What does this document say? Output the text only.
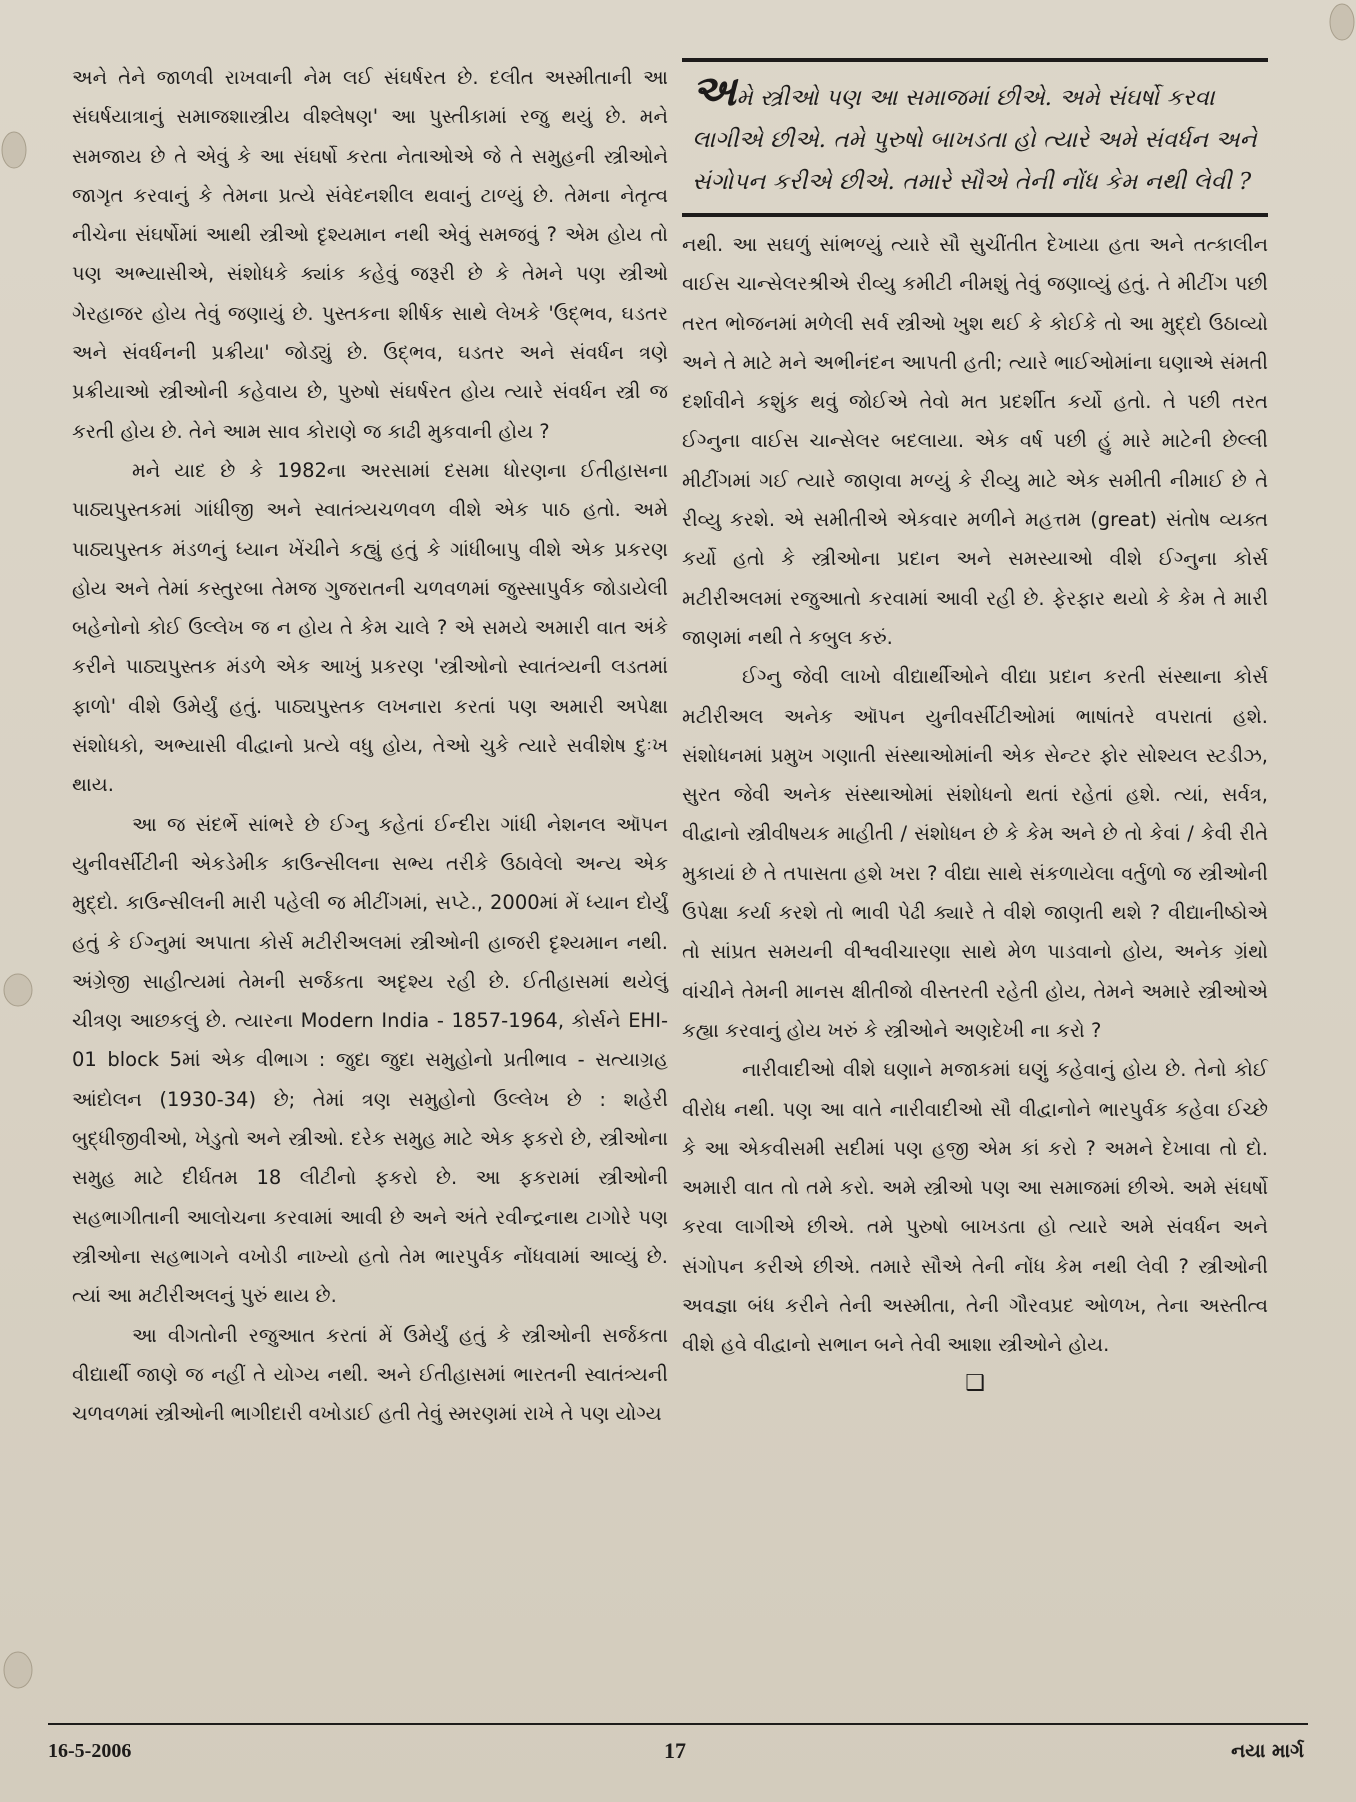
અને તેને જાળવી રાખવાની નેમ લઈ સંઘર્ષરત છે. દલીત અસ્મીતાની આ સંઘર્ષયાત્રાનું સમાજશાસ્ત્રીય વીશ્લેષણ' આ પુસ્તીકામાં રજુ થયું છે. મને સમજાય છે તે એવું કે આ સંઘર્ષો કરતા નેતાઓએ જે તે સમુહની સ્ત્રીઓને જાગૃત કરવાનું કે તેમના પ્રત્યે સંવેદનશીલ થવાનું ટાળ્યું છે. તેમના નેતૃત્વ નીચેના સંઘર્ષોમાં આથી સ્ત્રીઓ દૃશ્યમાન નથી એવું સમજવું ? એમ હોય તો પણ અભ્યાસીએ, સંશોધકે ક્યાંક કહેવું જરૂરી છે કે તેમને પણ સ્ત્રીઓ ગેરહાજર હોય તેવું જણાયું છે. પુસ્તકના શીર્ષક સાથે લેખકે 'ઉદ્ભવ, ઘડતર અને સંવર્ધનની પ્રક્રીયા' જોડ્યું છે. ઉદ્ભવ, ઘડતર અને સંવર્ધન ત્રણે પ્રક્રીયાઓ સ્ત્રીઓની કહેવાય છે, પુરુષો સંઘર્ષરત હોય ત્યારે સંવર્ધન સ્ત્રી જ કરતી હોય છે. તેને આમ સાવ કોરાણે જ કાઢી મુકવાની હોય ?

મને યાદ છે કે 1982ના અરસામાં દસમા ધોરણના ઈતીહાસના પાઠ્યપુસ્તકમાં ગાંધીજી અને સ્વાતંત્ર્યચળવળ વીશે એક પાઠ હતો. અમે પાઠ્યપુસ્તક મંડળનું ધ્યાન ખેંચીને કહ્યું હતું કે ગાંધીબાપુ વીશે એક પ્રકરણ હોય અને તેમાં કસ્તુરબા તેમજ ગુજરાતની ચળવળમાં જુસ્સાપુર્વક જોડાયેલી બહેનોનો કોઈ ઉલ્લેખ જ ન હોય તે કેમ ચાલે ? એ સમયે અમારી વાત અંકે કરીને પાઠ્યપુસ્તક મંડળે એક આખું પ્રકરણ 'સ્ત્રીઓનો સ્વાતંત્ર્યની લડતમાં ફાળો' વીશે ઉમેર્યું હતું. પાઠ્યપુસ્તક લખનારા કરતાં પણ અમારી અપેક્ષા સંશોધકો, અભ્યાસી વીદ્વાનો પ્રત્યે વધુ હોય, તેઓ ચુકે ત્યારે સવીશેષ દુઃખ થાય.

આ જ સંદર્ભે સાંભરે છે ઈગ્નુ કહેતાં ઈન્દીરા ગાંધી નેશનલ ઑપન યુનીવર્સીટીની એકડેમીક કાઉન્સીલના સભ્ય તરીકે ઉઠાવેલો અન્ય એક મુદ્દો. કાઉન્સીલની મારી પહેલી જ મીટીંગમાં, સપ્ટે., 2000માં મેં ધ્યાન દોર્યું હતું કે ઈગ્નુમાં અપાતા કોર્સ મટીરીઅલમાં સ્ત્રીઓની હાજરી દૃશ્યમાન નથી. અંગ્રેજી સાહીત્યમાં તેમની સર્જકતા અદૃશ્ય રહી છે. ઈતીહાસમાં થયેલું ચીત્રણ આછકલું છે. ત્યારના Modern India - 1857-1964, કોર્સને EHI-01 block 5માં એક વીભાગ : જુદા જુદા સમુહોનો પ્રતીભાવ - સત્યાગ્રહ આંદોલન (1930-34) છે; તેમાં ત્રણ સમુહોનો ઉલ્લેખ છે : શહેરી બુદ્ધીજીવીઓ, ખેડુતો અને સ્ત્રીઓ. દરેક સમુહ માટે એક ફકરો છે, સ્ત્રીઓના સમુહ માટે દીર્ઘતમ 18 લીટીનો ફકરો છે. આ ફકરામાં સ્ત્રીઓની સહભાગીતાની આલોચના કરવામાં આવી છે અને અંતે રવીન્દ્રનાથ ટાગોરે પણ સ્ત્રીઓના સહભાગને વખોડી નાખ્યો હતો તેમ ભારપુર્વક નોંધવામાં આવ્યું છે. ત્યાં આ મટીરીઅલનું પુરું થાય છે.

આ વીગતોની રજુઆત કરતાં મેં ઉમેર્યું હતું કે સ્ત્રીઓની સર્જકતા વીદ્યાર્થી જાણે જ નહીં તે યોગ્ય નથી. અને ઈતીહાસમાં ભારતની સ્વાતંત્ર્યની ચળવળમાં સ્ત્રીઓની ભાગીદારી વખોડાઈ હતી તેવું સ્મરણમાં રાખે તે પણ યોગ્ય

અમે સ્ત્રીઓ પણ આ સમાજમાં છીએ. અમે સંઘર્ષો કરવા લાગીએ છીએ. તમે પુરુષો બાખડતા હો ત્યારે અમે સંવર્ધન અને સંગોપન કરીએ છીએ. તમારે સૌએ તેની નોંધ કેમ નથી લેવી ?

નથી. આ સઘળું સાંભળ્યું ત્યારે સૌ સુચીંતીત દેખાયા હતા અને તત્કાલીન વાઈસ ચાન્સેલરશ્રીએ રીવ્યુ કમીટી નીમશું તેવું જણાવ્યું હતું. તે મીટીંગ પછી તરત ભોજનમાં મળેલી સર્વ સ્ત્રીઓ ખુશ થઈ કે કોઈકે તો આ મુદ્દો ઉઠાવ્યો અને તે માટે મને અભીનંદન આપતી હતી; ત્યારે ભાઈઓમાંના ઘણાએ સંમતી દર્શાવીને કશુંક થવું જોઈએ તેવો મત પ્રદર્શીત કર્યો હતો. તે પછી તરત ઈગ્નુના વાઈસ ચાન્સેલર બદલાયા. એક વર્ષ પછી હું મારે માટેની છેલ્લી મીટીંગમાં ગઈ ત્યારે જાણવા મળ્યું કે રીવ્યુ માટે એક સમીતી નીમાઈ છે તે રીવ્યુ કરશે. એ સમીતીએ એકવાર મળીને મહત્તમ (great) સંતોષ વ્યક્ત કર્યો હતો કે સ્ત્રીઓના પ્રદાન અને સમસ્યાઓ વીશે ઈગ્નુના કોર્સ મટીરીઅલમાં રજુઆતો કરવામાં આવી રહી છે. ફેરફાર થયો કે કેમ તે મારી જાણમાં નથી તે કબુલ કરું.

ઈગ્નુ જેવી લાખો વીદ્યાર્થીઓને વીદ્યા પ્રદાન કરતી સંસ્થાના કોર્સ મટીરીઅલ અનેક ઑપન યુનીવર્સીટીઓમાં ભાષાંતરે વપરાતાં હશે. સંશોધનમાં પ્રમુખ ગણાતી સંસ્થાઓમાંની એક સેન્ટર ફોર સોશ્યલ સ્ટડીઝ, સુરત જેવી અનેક સંસ્થાઓમાં સંશોધનો થતાં રહેતાં હશે. ત્યાં, સર્વત્ર, વીદ્વાનો સ્ત્રીવીષયક માહીતી / સંશોધન છે કે કેમ અને છે તો કેવાં / કેવી રીતે મુકાયાં છે તે તપાસતા હશે ખરા ? વીદ્યા સાથે સંકળાયેલા વર્તુળો જ સ્ત્રીઓની ઉપેક્ષા કર્યા કરશે તો ભાવી પેઢી ક્યારે તે વીશે જાણતી થશે ? વીદ્યાનીષ્ઠોએ તો સાંપ્રત સમયની વીશ્વવીચારણા સાથે મેળ પાડવાનો હોય, અનેક ગ્રંથો વાંચીને તેમની માનસ ક્ષીતીજો વીસ્તરતી રહેતી હોય, તેમને અમારે સ્ત્રીઓએ કહ્યા કરવાનું હોય ખરું કે સ્ત્રીઓને અણદેખી ના કરો ?

નારીવાદીઓ વીશે ઘણાને મજાકમાં ઘણું કહેવાનું હોય છે. તેનો કોઈ વીરોધ નથી. પણ આ વાતે નારીવાદીઓ સૌ વીદ્વાનોને ભારપુર્વક કહેવા ઈચ્છે કે આ એકવીસમી સદીમાં પણ હજી એમ કાં કરો ? અમને દેખાવા તો દો. અમારી વાત તો તમે કરો. અમે સ્ત્રીઓ પણ આ સમાજમાં છીએ. અમે સંઘર્ષો કરવા લાગીએ છીએ. તમે પુરુષો બાખડતા હો ત્યારે અમે સંવર્ધન અને સંગોપન કરીએ છીએ. તમારે સૌએ તેની નોંધ કેમ નથી લેવી ? સ્ત્રીઓની અવજ્ઞા બંધ કરીને તેની અસ્મીતા, તેની ગૌરવપ્રદ ઓળખ, તેના અસ્તીત્વ વીશે હવે વીદ્વાનો સભાન બને તેવી આશા સ્ત્રીઓને હોય.

❑
16-5-2006	17	નયા માર્ગ
